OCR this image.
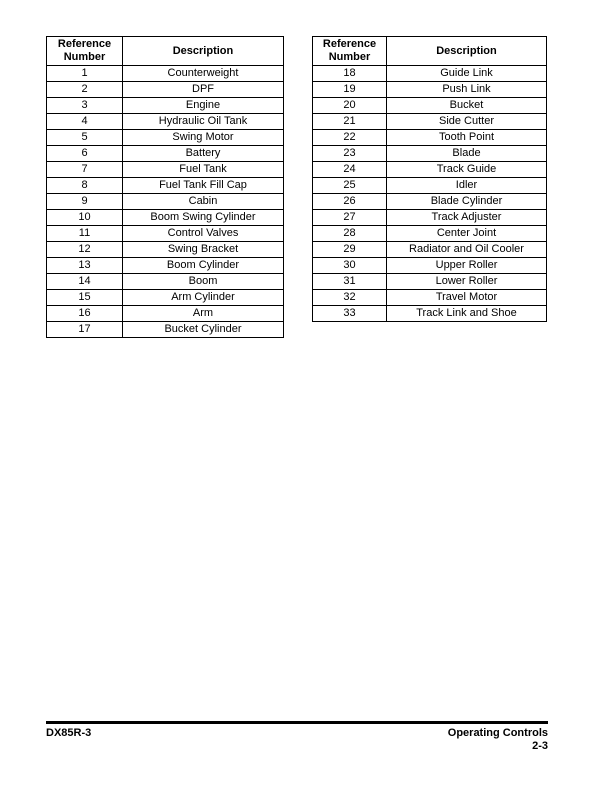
Reference Number	Description
1	Counterweight
2	DPF
3	Engine
4	Hydraulic Oil Tank
5	Swing Motor
6	Battery
7	Fuel Tank
8	Fuel Tank Fill Cap
9	Cabin
10	Boom Swing Cylinder
11	Control Valves
12	Swing Bracket
13	Boom Cylinder
14	Boom
15	Arm Cylinder
16	Arm
17	Bucket Cylinder
Reference Number	Description
18	Guide Link
19	Push Link
20	Bucket
21	Side Cutter
22	Tooth Point
23	Blade
24	Track Guide
25	Idler
26	Blade Cylinder
27	Track Adjuster
28	Center Joint
29	Radiator and Oil Cooler
30	Upper Roller
31	Lower Roller
32	Travel Motor
33	Track Link and Shoe
DX85R-3	Operating Controls
2-3
